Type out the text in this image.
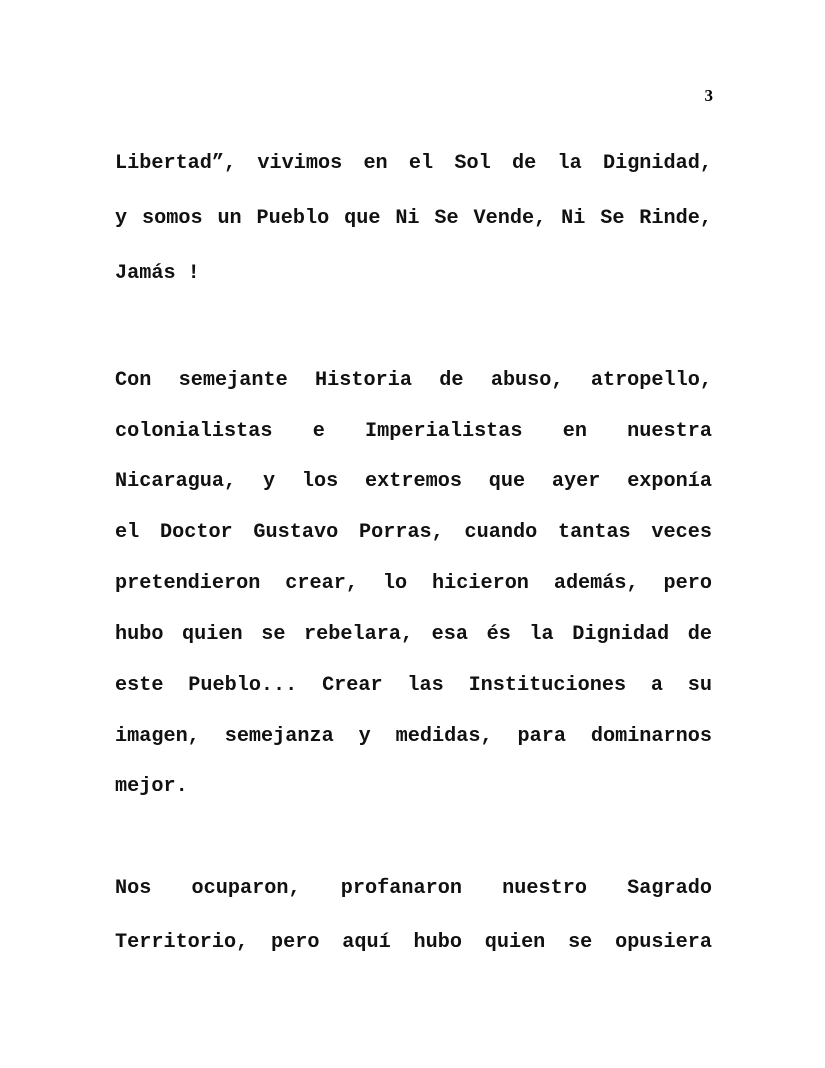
3
Libertad”, vivimos en el Sol de la Dignidad,
y somos un Pueblo que Ni Se Vende, Ni Se Rinde,
Jamás !
Con semejante Historia de abuso, atropello,
colonialistas e Imperialistas en nuestra
Nicaragua, y los extremos que ayer exponía
el Doctor Gustavo Porras, cuando tantas veces
pretendieron crear, lo hicieron además, pero
hubo quien se rebelara, esa és la Dignidad de
este Pueblo... Crear las Instituciones a su
imagen, semejanza y medidas, para dominarnos
mejor.
Nos ocuparon, profanaron nuestro Sagrado
Territorio, pero aquí hubo quien se opusiera
